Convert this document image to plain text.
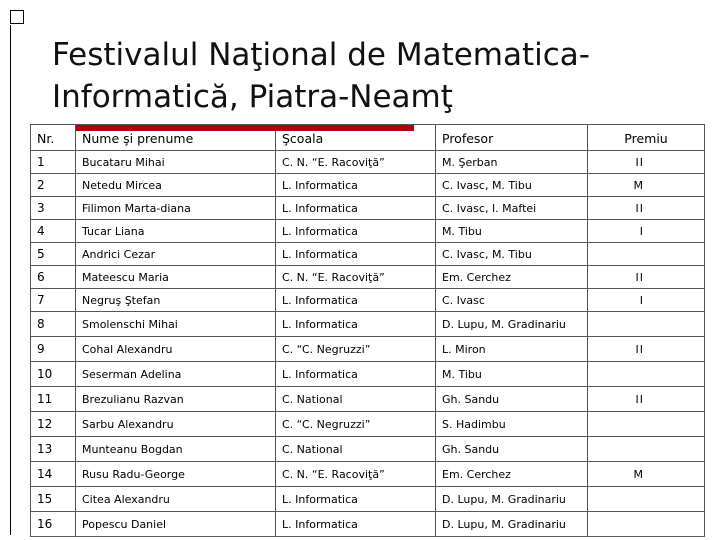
Festivalul Naţional de Matematica-
Informatică, Piatra-Neamţ
Nr.	Nume şi prenume	Şcoala	Profesor	Premiu
1	Bucataru Mihai	C. N. “E. Racoviţă”	M. Şerban	II
2	Netedu Mircea	L. Informatica	C. Ivasc, M. Tibu	M
3	Filimon Marta-diana	L. Informatica	C. Ivasc, I. Maftei	II
4	Tucar Liana	L. Informatica	M. Tibu	I
5	Andrici Cezar	L. Informatica	C. Ivasc, M. Tibu	
6	Mateescu Maria	C. N. “E. Racoviţă”	Em. Cerchez	II
7	Negruş Ştefan	L. Informatica	C. Ivasc	I
8	Smolenschi Mihai	L. Informatica	D. Lupu, M. Gradinariu	
9	Cohal Alexandru	C. “C. Negruzzi”	L. Miron	II
10	Seserman Adelina	L. Informatica	M. Tibu	
11	Brezulianu Razvan	C. National	Gh. Sandu	II
12	Sarbu Alexandru	C. “C. Negruzzi”	S. Hadimbu	
13	Munteanu Bogdan	C. National	Gh. Sandu	
14	Rusu Radu-George	C. N. “E. Racoviţă”	Em. Cerchez	M
15	Citea Alexandru	L. Informatica	D. Lupu, M. Gradinariu	
16	Popescu Daniel	L. Informatica	D. Lupu, M. Gradinariu	
